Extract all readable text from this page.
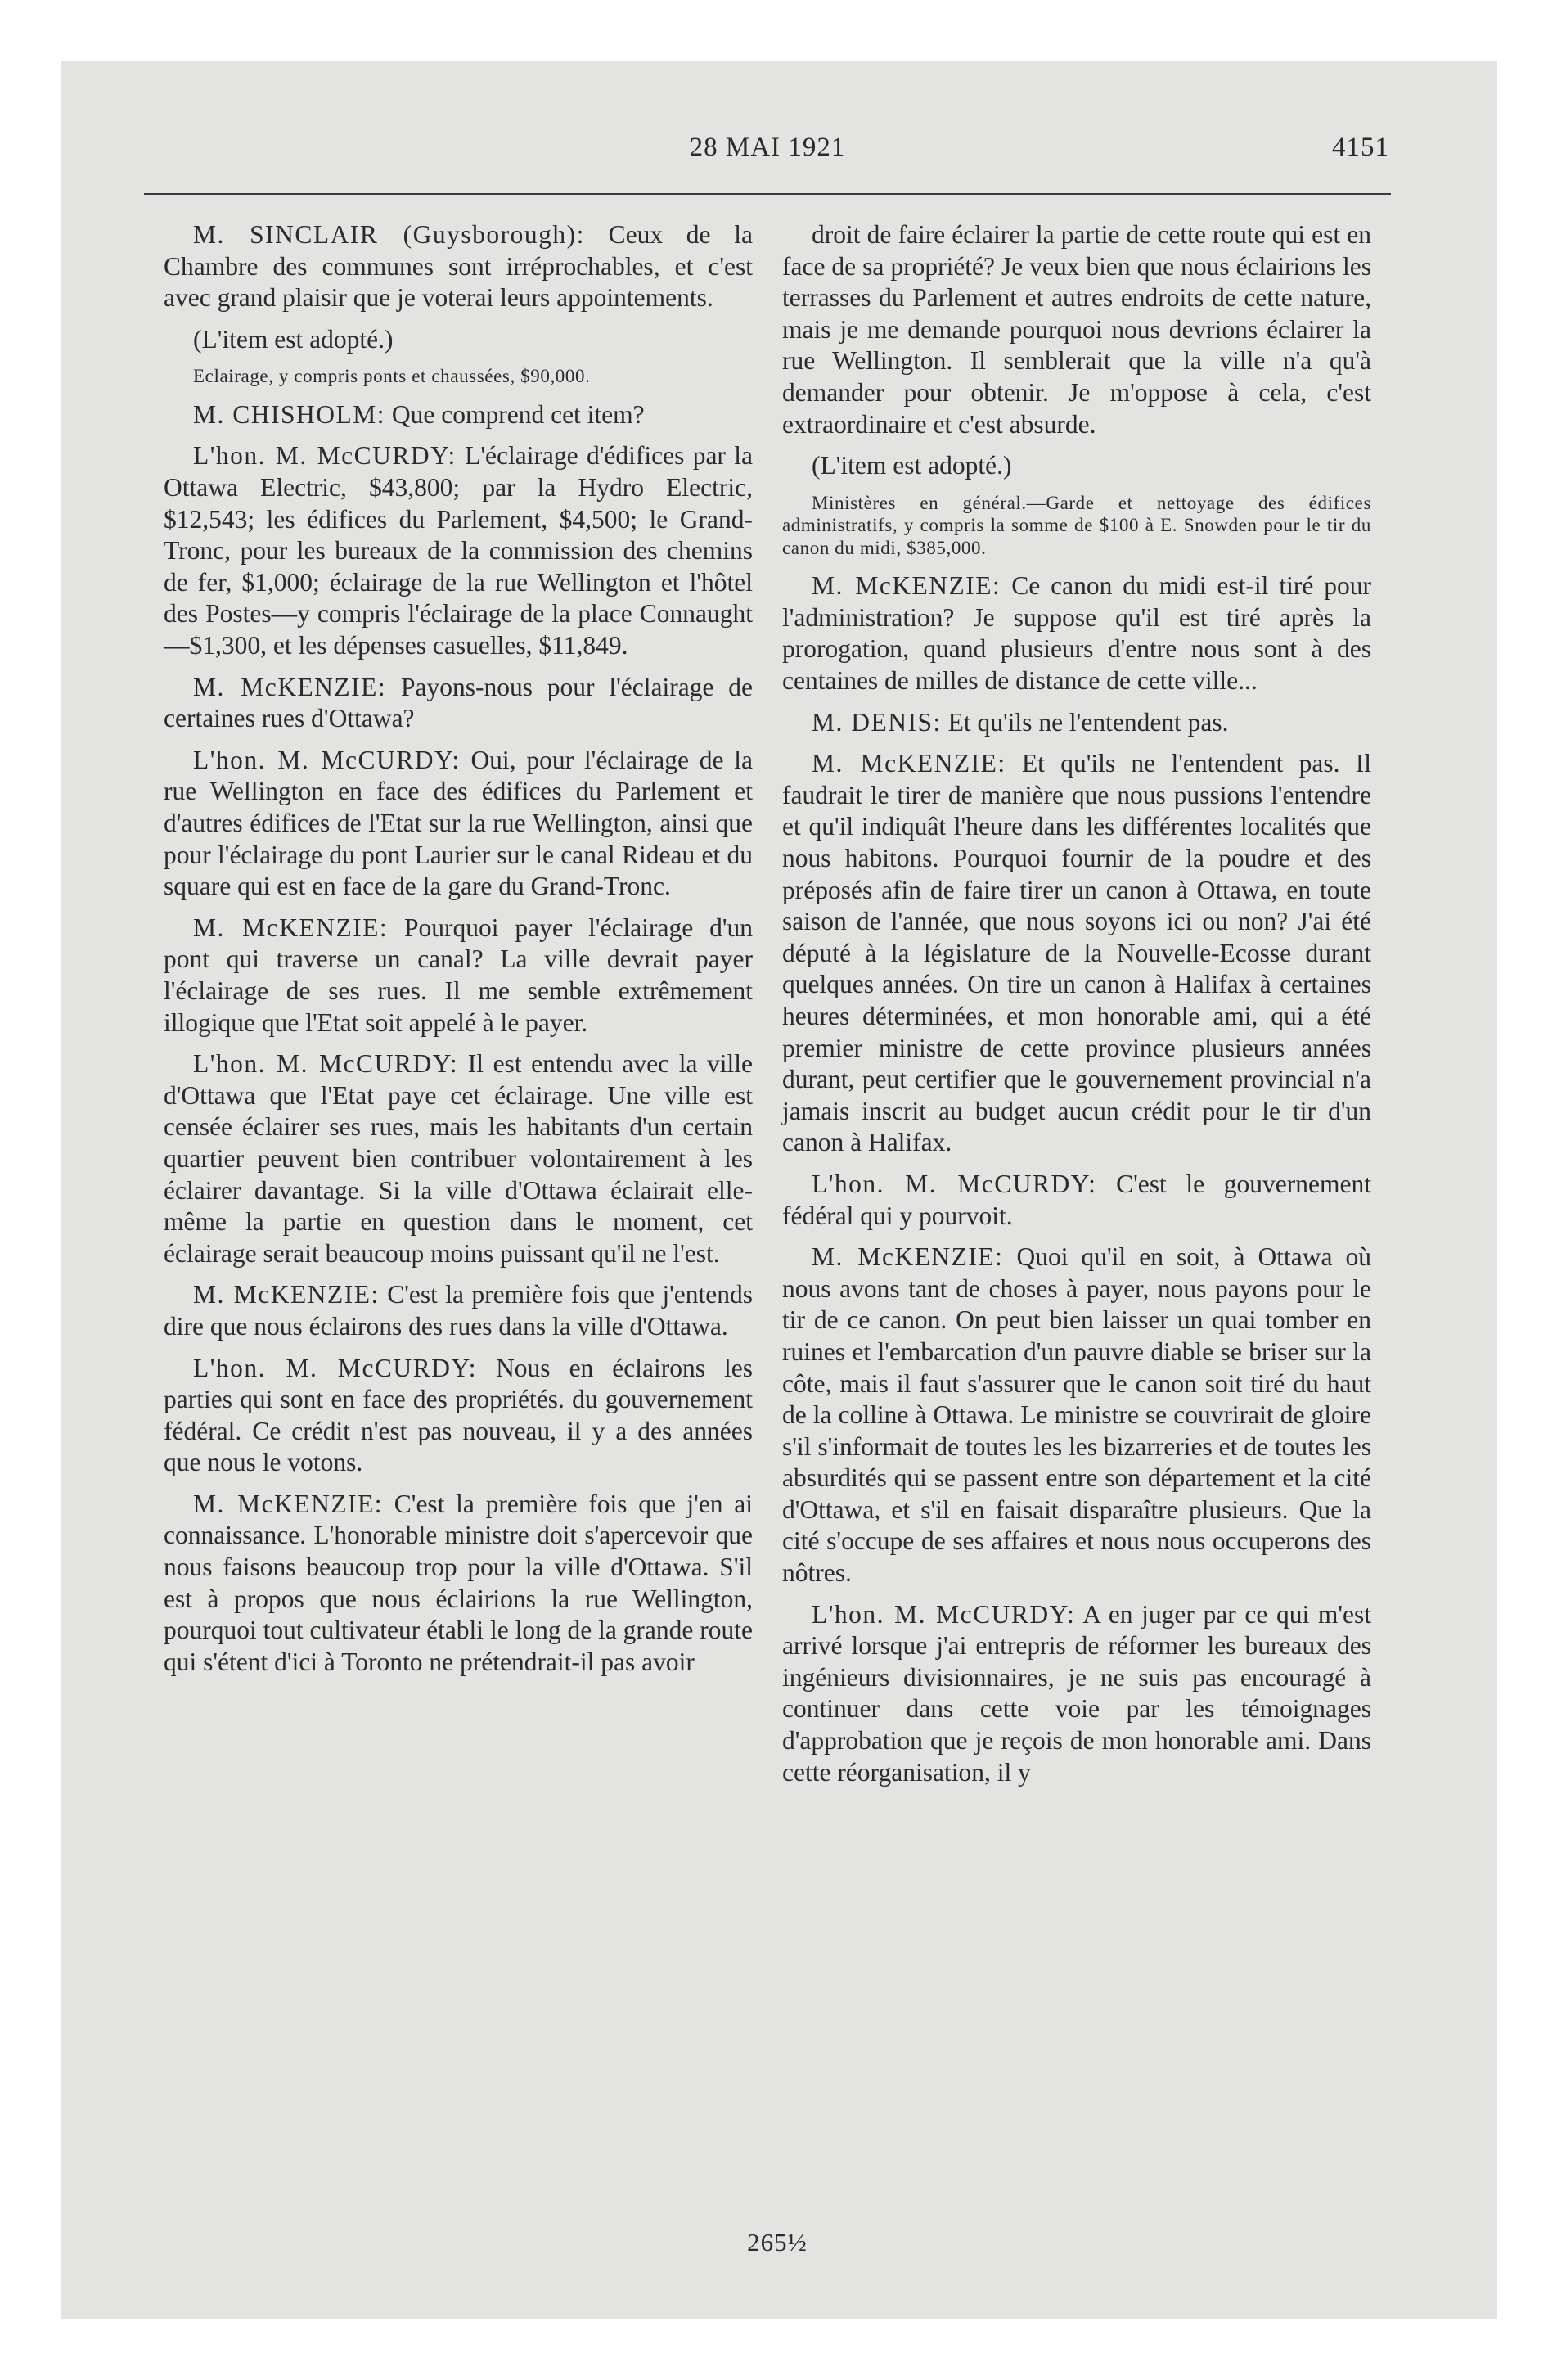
28 MAI 1921	4151

M. SINCLAIR (Guysborough): Ceux de la Chambre des communes sont irréprochables, et c'est avec grand plaisir que je voterai leurs appointements.

(L'item est adopté.)

Eclairage, y compris ponts et chaussées, $90,000.

M. CHISHOLM: Que comprend cet item?

L'hon. M. McCURDY: L'éclairage d'édifices par la Ottawa Electric, $43,800; par la Hydro Electric, $12,543; les édifices du Parlement, $4,500; le Grand-Tronc, pour les bureaux de la commission des chemins de fer, $1,000; éclairage de la rue Wellington et l'hôtel des Postes—y compris l'éclairage de la place Connaught—$1,300, et les dépenses casuelles, $11,849.

M. McKENZIE: Payons-nous pour l'éclairage de certaines rues d'Ottawa?

L'hon. M. McCURDY: Oui, pour l'éclairage de la rue Wellington en face des édifices du Parlement et d'autres édifices de l'Etat sur la rue Wellington, ainsi que pour l'éclairage du pont Laurier sur le canal Rideau et du square qui est en face de la gare du Grand-Tronc.

M. McKENZIE: Pourquoi payer l'éclairage d'un pont qui traverse un canal? La ville devrait payer l'éclairage de ses rues. Il me semble extrêmement illogique que l'Etat soit appelé à le payer.

L'hon. M. McCURDY: Il est entendu avec la ville d'Ottawa que l'Etat paye cet éclairage. Une ville est censée éclairer ses rues, mais les habitants d'un certain quartier peuvent bien contribuer volontairement à les éclairer davantage. Si la ville d'Ottawa éclairait elle-même la partie en question dans le moment, cet éclairage serait beaucoup moins puissant qu'il ne l'est.

M. McKENZIE: C'est la première fois que j'entends dire que nous éclairons des rues dans la ville d'Ottawa.

L'hon. M. McCURDY: Nous en éclairons les parties qui sont en face des propriétés. du gouvernement fédéral. Ce crédit n'est pas nouveau, il y a des années que nous le votons.

M. McKENZIE: C'est la première fois que j'en ai connaissance. L'honorable ministre doit s'apercevoir que nous faisons beaucoup trop pour la ville d'Ottawa. S'il est à propos que nous éclairions la rue Wellington, pourquoi tout cultivateur établi le long de la grande route qui s'étent d'ici à Toronto ne prétendrait-il pas avoir

droit de faire éclairer la partie de cette route qui est en face de sa propriété? Je veux bien que nous éclairions les terrasses du Parlement et autres endroits de cette nature, mais je me demande pourquoi nous devrions éclairer la rue Wellington. Il semblerait que la ville n'a qu'à demander pour obtenir. Je m'oppose à cela, c'est extraordinaire et c'est absurde.

(L'item est adopté.)

Ministères en général.—Garde et nettoyage des édifices administratifs, y compris la somme de $100 à E. Snowden pour le tir du canon du midi, $385,000.

M. McKENZIE: Ce canon du midi est-il tiré pour l'administration? Je suppose qu'il est tiré après la prorogation, quand plusieurs d'entre nous sont à des centaines de milles de distance de cette ville...

M. DENIS: Et qu'ils ne l'entendent pas.

M. McKENZIE: Et qu'ils ne l'entendent pas. Il faudrait le tirer de manière que nous pussions l'entendre et qu'il indiquât l'heure dans les différentes localités que nous habitons. Pourquoi fournir de la poudre et des préposés afin de faire tirer un canon à Ottawa, en toute saison de l'année, que nous soyons ici ou non? J'ai été député à la législature de la Nouvelle-Ecosse durant quelques années. On tire un canon à Halifax à certaines heures déterminées, et mon honorable ami, qui a été premier ministre de cette province plusieurs années durant, peut certifier que le gouvernement provincial n'a jamais inscrit au budget aucun crédit pour le tir d'un canon à Halifax.

L'hon. M. McCURDY: C'est le gouvernement fédéral qui y pourvoit.

M. McKENZIE: Quoi qu'il en soit, à Ottawa où nous avons tant de choses à payer, nous payons pour le tir de ce canon. On peut bien laisser un quai tomber en ruines et l'embarcation d'un pauvre diable se briser sur la côte, mais il faut s'assurer que le canon soit tiré du haut de la colline à Ottawa. Le ministre se couvrirait de gloire s'il s'informait de toutes les les bizarreries et de toutes les absurdités qui se passent entre son département et la cité d'Ottawa, et s'il en faisait disparaître plusieurs. Que la cité s'occupe de ses affaires et nous nous occuperons des nôtres.

L'hon. M. McCURDY: A en juger par ce qui m'est arrivé lorsque j'ai entrepris de réformer les bureaux des ingénieurs divisionnaires, je ne suis pas encouragé à continuer dans cette voie par les témoignages d'approbation que je reçois de mon honorable ami. Dans cette réorganisation, il y

265½
